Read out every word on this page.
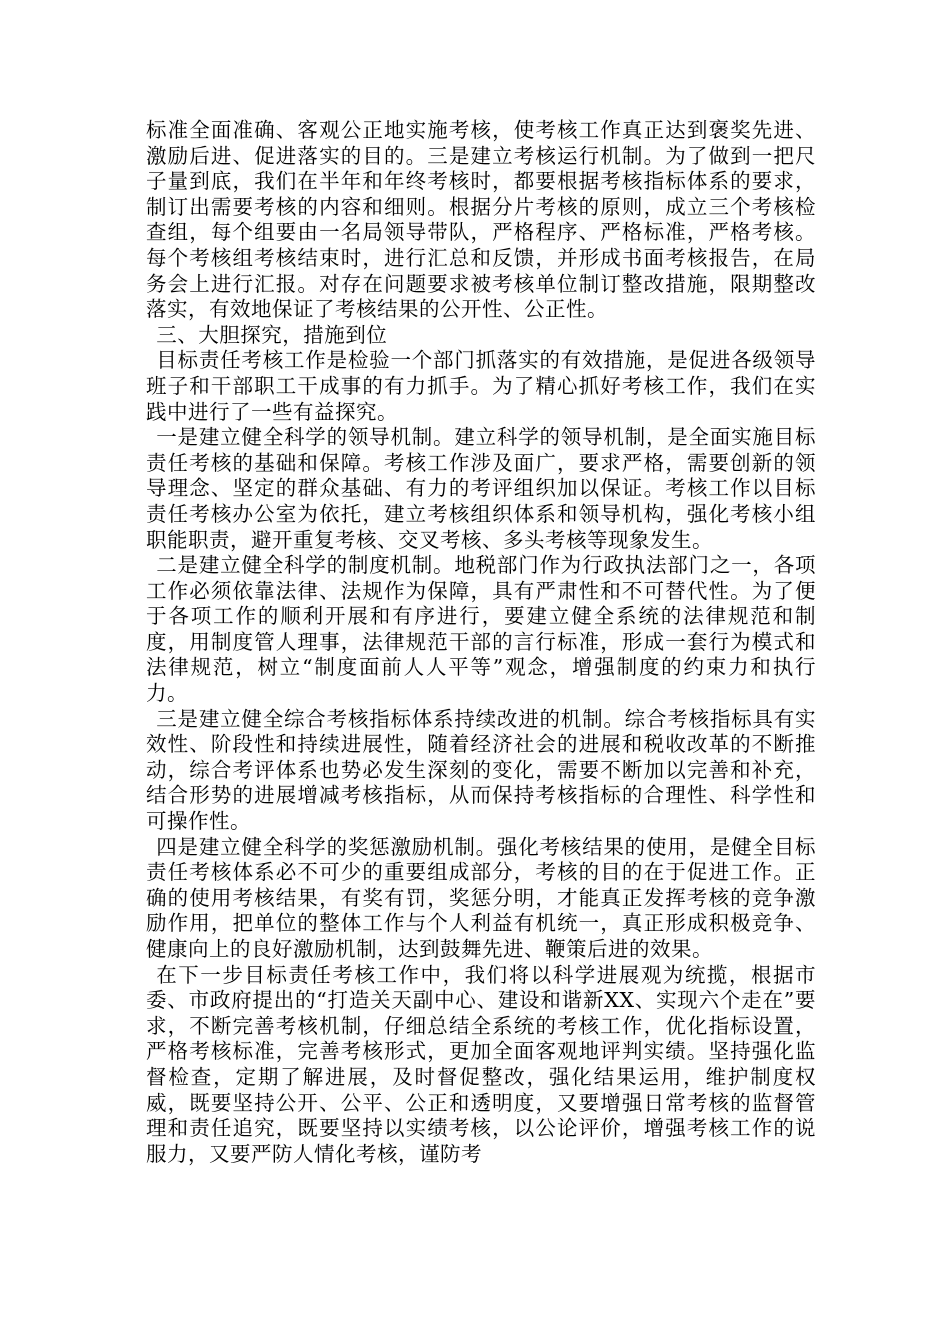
标准全面准确、客观公正地实施考核，使考核工作真正达到褒奖先进、激励后进、促进落实的目的。三是建立考核运行机制。为了做到一把尺子量到底，我们在半年和年终考核时，都要根据考核指标体系的要求，制订出需要考核的内容和细则。根据分片考核的原则，成立三个考核检查组，每个组要由一名局领导带队，严格程序、严格标准，严格考核。每个考核组考核结束时，进行汇总和反馈，并形成书面考核报告，在局务会上进行汇报。对存在问题要求被考核单位制订整改措施，限期整改落实，有效地保证了考核结果的公开性、公正性。

三、大胆探究，措施到位

目标责任考核工作是检验一个部门抓落实的有效措施，是促进各级领导班子和干部职工干成事的有力抓手。为了精心抓好考核工作，我们在实践中进行了一些有益探究。

一是建立健全科学的领导机制。建立科学的领导机制，是全面实施目标责任考核的基础和保障。考核工作涉及面广，要求严格，需要创新的领导理念、坚定的群众基础、有力的考评组织加以保证。考核工作以目标责任考核办公室为依托，建立考核组织体系和领导机构，强化考核小组职能职责，避开重复考核、交叉考核、多头考核等现象发生。

二是建立健全科学的制度机制。地税部门作为行政执法部门之一，各项工作必须依靠法律、法规作为保障，具有严肃性和不可替代性。为了便于各项工作的顺利开展和有序进行，要建立健全系统的法律规范和制度，用制度管人理事，法律规范干部的言行标准，形成一套行为模式和法律规范，树立“制度面前人人平等”观念，增强制度的约束力和执行力。

三是建立健全综合考核指标体系持续改进的机制。综合考核指标具有实效性、阶段性和持续进展性，随着经济社会的进展和税收改革的不断推动，综合考评体系也势必发生深刻的变化，需要不断加以完善和补充，结合形势的进展增减考核指标，从而保持考核指标的合理性、科学性和可操作性。

四是建立健全科学的奖惩激励机制。强化考核结果的使用，是健全目标责任考核体系必不可少的重要组成部分，考核的目的在于促进工作。正确的使用考核结果，有奖有罚，奖惩分明，才能真正发挥考核的竞争激励作用，把单位的整体工作与个人利益有机统一，真正形成积极竞争、健康向上的良好激励机制，达到鼓舞先进、鞭策后进的效果。

在下一步目标责任考核工作中，我们将以科学进展观为统揽，根据市委、市政府提出的“打造关天副中心、建设和谐新XX、实现六个走在”要求，不断完善考核机制，仔细总结全系统的考核工作，优化指标设置，严格考核标准，完善考核形式，更加全面客观地评判实绩。坚持强化监督检查，定期了解进展，及时督促整改，强化结果运用，维护制度权威，既要坚持公开、公平、公正和透明度，又要增强日常考核的监督管理和责任追究，既要坚持以实绩考核，以公论评价，增强考核工作的说服力，又要严防人情化考核，谨防考
